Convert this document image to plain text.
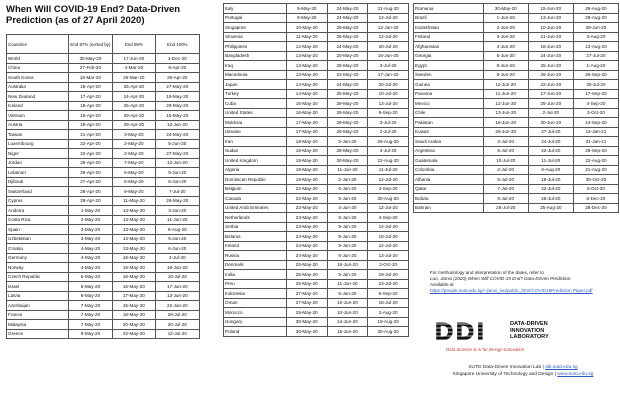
When Will COVID-19 End? Data-Driven Prediction (as of 27 April 2020)
Countries	End 97% (sorted by)	End 99%	End 100%
World	30-May-20	17-Jun-20	1-Dec-20
China	27-Feb-20	4-Mar-20	8-Apr-20
South Korea	18-Mar-20	25-Mar-20	26-Apr-20
Australia	16-Apr-20	25-Apr-20	27-May-20
New Zealand	17-Apr-20	24-Apr-20	19-May-20
Iceland	18-Apr-20	25-Apr-20	29-May-20
Vietnam	18-Apr-20	29-Apr-20	15-May-20
Austria	19-Apr-20	29-Apr-20	13-Jun-20
Taiwan	21-Apr-20	3-May-20	24-May-20
Luxembourg	22-Apr-20	2-May-20	5-Jun-20
Niger	22-Apr-20	2-May-20	27-May-20
Jordan	25-Apr-20	7-May-20	12-Jun-20
Lebanon	26-Apr-20	6-May-20	9-Jun-20
Djibouti	27-Apr-20	6-May-20	5-Jun-20
Switzerland	28-Apr-20	9-May-20	7-Jul-20
Cyprus	29-Apr-20	11-May-20	26-May-20
Andorra	1-May-20	13-May-20	3-Jun-20
Costa Rica	2-May-20	13-May-20	11-Jun-20
Spain	3-May-20	13-May-20	9-Aug-20
Uzbekistan	3-May-20	13-May-20	5-Jun-20
Croatia	4-May-20	13-May-20	6-Jun-20
Germany	4-May-20	16-May-20	2-Jul-20
Norway	4-May-20	15-May-20	18-Jun-20
Czech Republic	5-May-20	16-May-20	10-Jul-20
Israel	5-May-20	16-May-20	17-Jun-20
Latvia	6-May-20	17-May-20	13-Jun-20
Azerbaijan	7-May-20	15-May-20	22-Jun-20
France	7-May-20	18-May-20	28-Jul-20
Malaysia	7-May-20	20-May-20	20-Jul-20
Greece	9-May-20	22-May-20	12-Jul-20
Italy	9-May-20	24-May-20	31-Aug-20
Portugal	9-May-20	24-May-20	12-Jul-20
Singapore	10-May-20	25-May-20	12-Jun-20
Slovenia	11-May-20	25-May-20	12-Jul-20
Philippines	12-May-20	24-May-20	20-Jul-20
Bangladesh	13-May-20	20-May-20	16-Jun-20
Iraq	13-May-20	26-May-20	3-Jul-20
Macedonia	13-May-20	23-May-20	17-Jun-20
Japan	14-May-20	24-May-20	20-Jul-20
Turkey	14-May-20	25-May-20	10-Jul-20
Cuba	16-May-20	29-May-20	13-Jul-20
United States	16-May-20	28-May-20	9-Sep-20
Moldova	17-May-20	29-May-20	3-Jul-20
Ukraine	17-May-20	26-May-20	2-Jul-20
Iran	18-May-20	5-Jun-20	26-Aug-20
Sudan	18-May-20	28-May-20	4-Jul-20
United Kingdom	19-May-20	30-May-20	22-Aug-20
Algeria	19-May-20	11-Jun-20	11-Jul-20
Dominican Republic	19-May-20	2-Jun-20	12-Jul-20
Belgium	22-May-20	6-Jun-20	2-Sep-20
Canada	22-May-20	5-Jun-20	30-Aug-20
United Arab Emirates	22-May-20	4-Jun-20	12-Jul-20
Netherlands	23-May-20	8-Jun-20	4-Sep-20
Serbia	23-May-20	9-Jun-20	12-Jul-20
Belarus	24-May-20	9-Jun-20	18-Jul-20
Ireland	24-May-20	9-Jun-20	12-Jul-20
Russia	24-May-20	6-Jun-20	13-Jul-20
Denmark	25-May-20	16-Jun-20	2-Oct-20
India	25-May-20	5-Jun-20	19-Jul-20
Peru	25-May-20	11-Jun-20	23-Jul-20
Indonesia	27-May-20	6-Jun-20	6-Sep-20
Oman	27-May-20	10-Jun-20	18-Jul-20
Morocco	29-May-20	10-Jun-20	2-Aug-20
Hungary	30-May-20	14-Jun-20	19-Aug-20
Poland	30-May-20	15-Jun-20	30-Aug-20
Romania	30-May-20	15-Jun-20	28-Aug-20
Brazil	1-Jun-20	13-Jun-20	29-Aug-20
Kazakhstan	2-Jun-20	10-Jun-20	29-Jun-20
Finland	3-Jun-20	21-Jun-20	3-Aug-20
Afghanistan	4-Jun-20	18-Jun-20	13-Aug-20
Georgia	6-Jun-20	24-Jun-20	27-Jul-20
Egypt	8-Jun-20	25-Jun-20	1-Aug-20
Sweden	8-Jun-20	26-Jun-20	26-Sep-20
Guinea	11-Jun-20	22-Jun-20	30-Jul-20
Panama	11-Jun-20	17-Jun-20	17-Sep-20
Mexico	12-Jun-20	25-Jun-20	4-Sep-20
Chile	13-Jun-20	2-Jul-20	3-Oct-20
Pakistan	18-Jun-20	30-Jun-20	14-Sep-20
Kuwait	28-Jun-20	27-Jul-20	14-Jan-21
Saudi Arabia	3-Jul-20	24-Jul-20	31-Jan-21
Argentina	5-Jul-20	22-Jul-20	25-Sep-20
Guatemala	10-Jul-20	11-Jul-20	22-Aug-20
Colombia	2-Jul-20	6-Aug-20	21-Aug-20
Albania	5-Jul-20	18-Jul-20	30-Oct-20
Qatar	7-Jul-20	23-Jul-20	6-Oct-20
Bolivia	9-Jul-20	26-Jul-20	6-Dec-20
Bahrain	26-Jul-20	25-Aug-20	28-Dec-20
For methodology and interpretation of the dates, refer to
Luo, Jianxi (2020) When Will COVID-19 End? Data-Driven Prediction.
Available at
https://people.sutd.edu.sg/~jianxi_luo/public_html/COVID19Prediction Paper.pdf
DDI	DATA-DRIVEN
INNOVATION
LABORATORY
Data Science & AI for Design Innovation
SUTD Data-Driven Innovation Lab | ddi.sutd.edu.sg
Singapore University of Technology and Design | www.sutd.edu.sg
